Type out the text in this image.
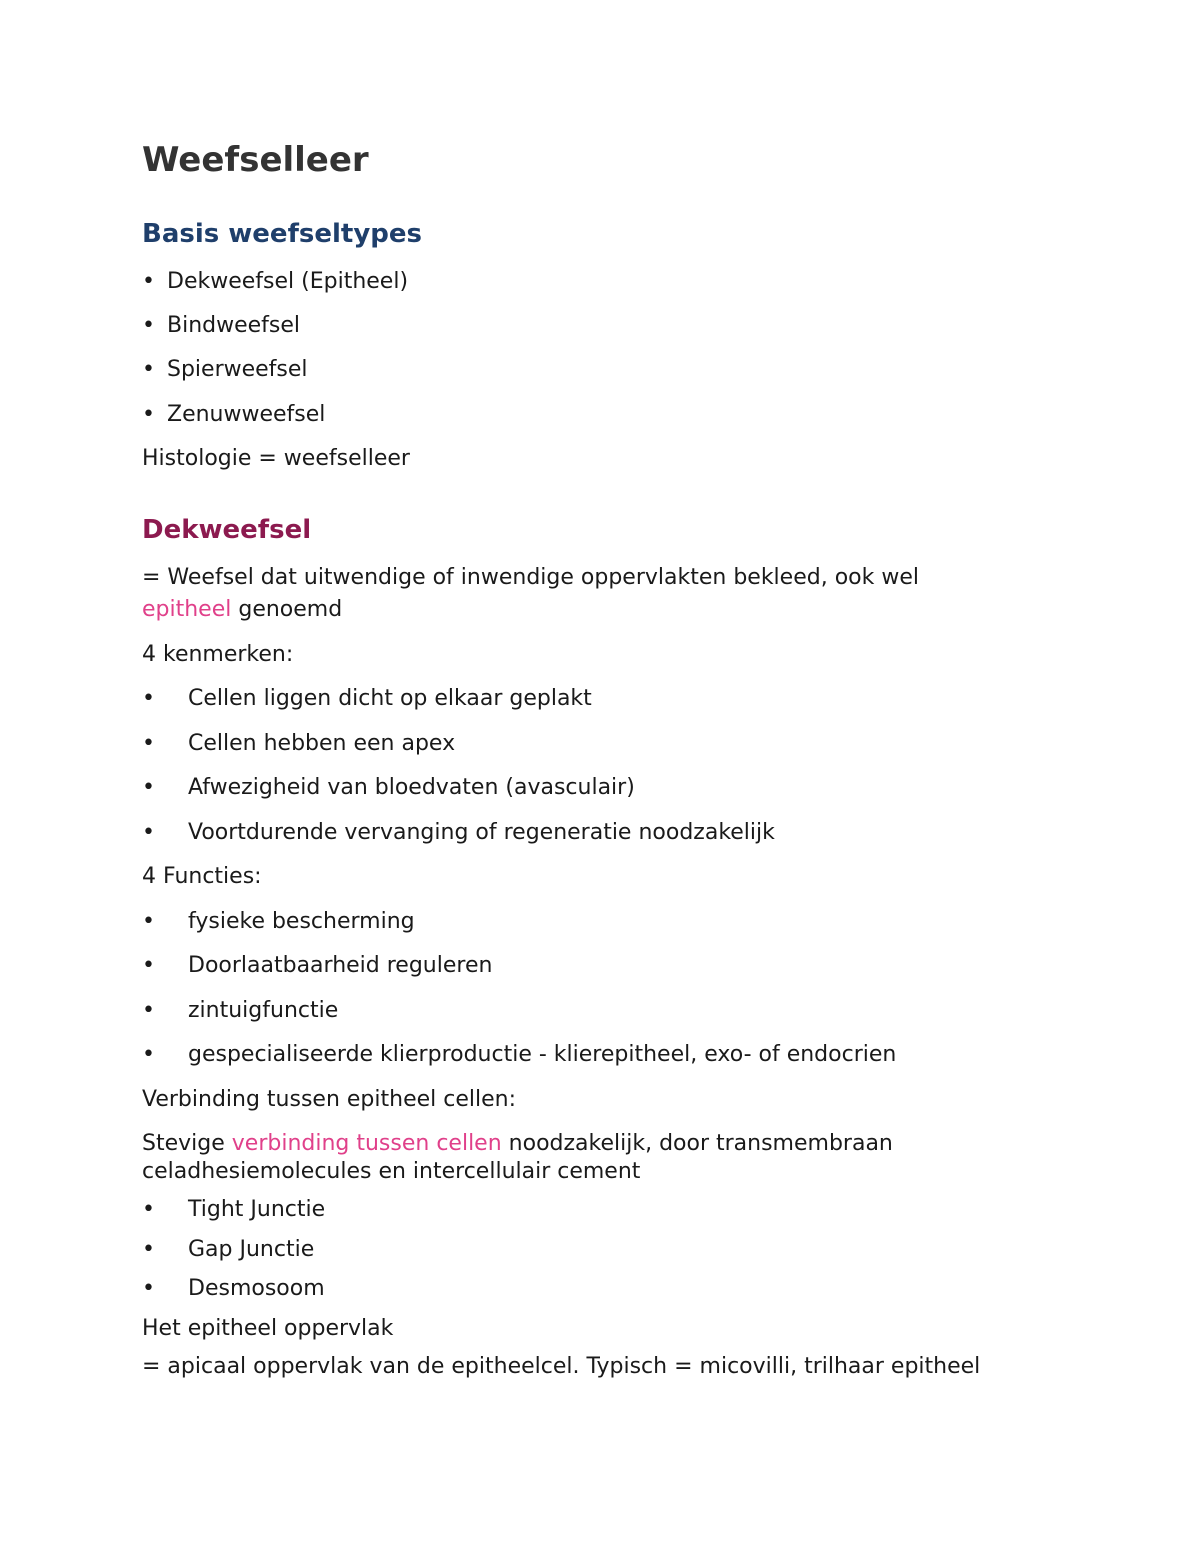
Weefselleer
Basis weefseltypes
• Dekweefsel (Epitheel)
• Bindweefsel
• Spierweefsel
• Zenuwweefsel

Histologie = weefselleer

Dekweefsel

= Weefsel dat uitwendige of inwendige oppervlakten bekleed, ook wel

epitheel genoemd

4 kenmerken:

• Cellen liggen dicht op elkaar geplakt
• Cellen hebben een apex
• Afwezigheid van bloedvaten (avasculair)
• Voortdurende vervanging of regeneratie noodzakelijk

4 Functies:

• fysieke bescherming
• Doorlaatbaarheid reguleren
• zintuigfunctie
• gespecialiseerde klierproductie - klierepitheel, exo- of endocrien

Verbinding tussen epitheel cellen:

Stevige verbinding tussen cellen noodzakelijk, door transmembraan

celadhesiemolecules en intercellulair cement

• Tight Junctie
• Gap Junctie
• Desmosoom

Het epitheel oppervlak

= apicaal oppervlak van de epitheelcel. Typisch = micovilli, trilhaar epitheel
